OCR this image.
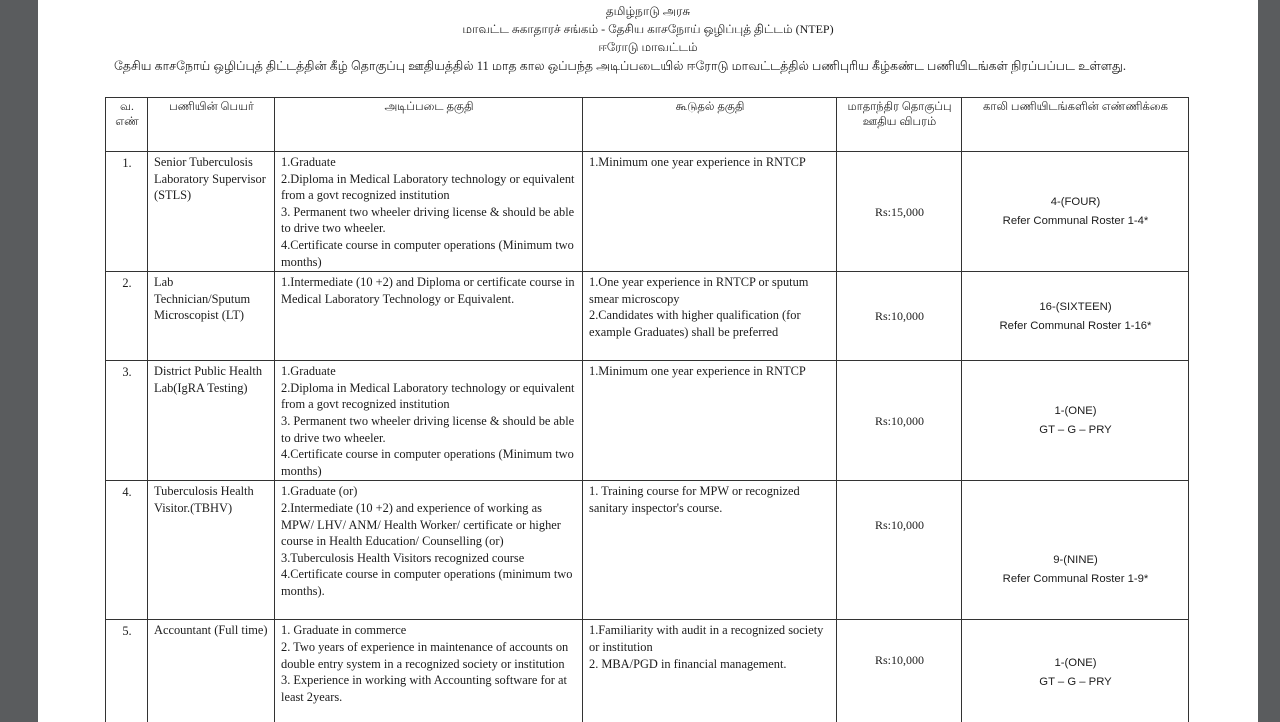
தமிழ்நாடு அரசு
மாவட்ட சுகாதாரச் சங்கம் - தேசிய காசநோய் ஒழிப்புத் திட்டம் (NTEP)
ஈரோடு மாவட்டம்
தேசிய காசநோய் ஒழிப்புத் திட்டத்தின் கீழ் தொகுப்பு ஊதியத்தில் 11 மாத கால ஒப்பந்த அடிப்படையில் ஈரோடு மாவட்டத்தில் பணிபுரிய கீழ்கண்ட பணியிடங்கள் நிரப்பப்பட உள்ளது.
வ. எண்	பணியின் பெயர்	அடிப்படை தகுதி	கூடுதல் தகுதி	மாதாந்திர தொகுப்பு ஊதிய விபரம்	காலி பணியிடங்களின் எண்ணிக்கை
1.	Senior Tuberculosis Laboratory Supervisor (STLS)	1.Graduate
2.Diploma in Medical Laboratory technology or equivalent from a govt recognized institution
3. Permanent two wheeler driving license & should be able to drive two wheeler.
4.Certificate course in computer operations (Minimum two months)	1.Minimum one year experience in RNTCP	Rs:15,000	4-(FOUR)
Refer Communal Roster 1-4*

2.	Lab Technician/Sputum Microscopist (LT)	1.Intermediate (10 +2) and Diploma or certificate course in Medical Laboratory Technology or Equivalent.	1.One year experience in RNTCP or sputum smear microscopy
2.Candidates with higher qualification (for example Graduates) shall be preferred	Rs:10,000	16-(SIXTEEN)
Refer Communal Roster 1-16*

3.	District Public Health Lab(IgRA Testing)	1.Graduate
2.Diploma in Medical Laboratory technology or equivalent from a govt recognized institution
3. Permanent two wheeler driving license & should be able to drive two wheeler.
4.Certificate course in computer operations (Minimum two months)	1.Minimum one year experience in RNTCP	Rs:10,000	1-(ONE)
GT – G – PRY

4.	Tuberculosis Health Visitor.(TBHV)	1.Graduate (or)
2.Intermediate (10 +2) and experience of working as MPW/ LHV/ ANM/ Health Worker/ certificate or higher course in Health Education/ Counselling (or)
3.Tuberculosis Health Visitors recognized course
4.Certificate course in computer operations (minimum two months).	1. Training course for MPW or recognized sanitary inspector's course.	Rs:10,000	9-(NINE)
Refer Communal Roster 1-9*

5.	Accountant (Full time)	1. Graduate in commerce
2. Two years of experience in maintenance of accounts on double entry system in a recognized society or institution
3. Experience in working with Accounting software for at least 2years.	1.Familiarity with audit in a recognized society or institution
2. MBA/PGD in financial management.	Rs:10,000	1-(ONE)
GT – G – PRY
